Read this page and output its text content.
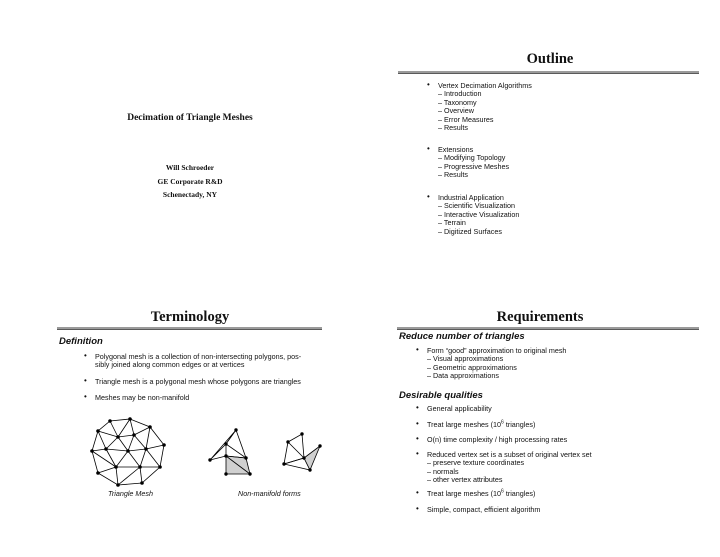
Decimation of Triangle Meshes
Will Schroeder
GE Corporate R&D
Schenectady, NY
Outline
• Vertex Decimation Algorithms
– Introduction
– Taxonomy
– Overview
– Error Measures
– Results
• Extensions
– Modifying Topology
– Progressive Meshes
– Results
• Industrial Application
– Scientific Visualization
– Interactive Visualization
– Terrain
– Digitized Surfaces
Terminology
Definition
• Polygonal mesh is a collection of non-intersecting polygons, pos-
sibly joined along common edges or at vertices
• Triangle mesh is a polygonal mesh whose polygons are triangles
• Meshes may be non-manifold
Triangle Mesh	Non-manifold forms
Requirements
Reduce number of triangles
• Form “good” approximation to original mesh
– Visual approximations
– Geometric approximations
– Data approximations
Desirable qualities
• General applicability
• Treat large meshes ($10^6$ triangles)
• O(n) time complexity / high processing rates
• Reduced vertex set is a subset of original vertex set
– preserve texture coordinates
– normals
– other vertex attributes
• Treat large meshes ($10^6$ triangles)
• Simple, compact, efficient algorithm
